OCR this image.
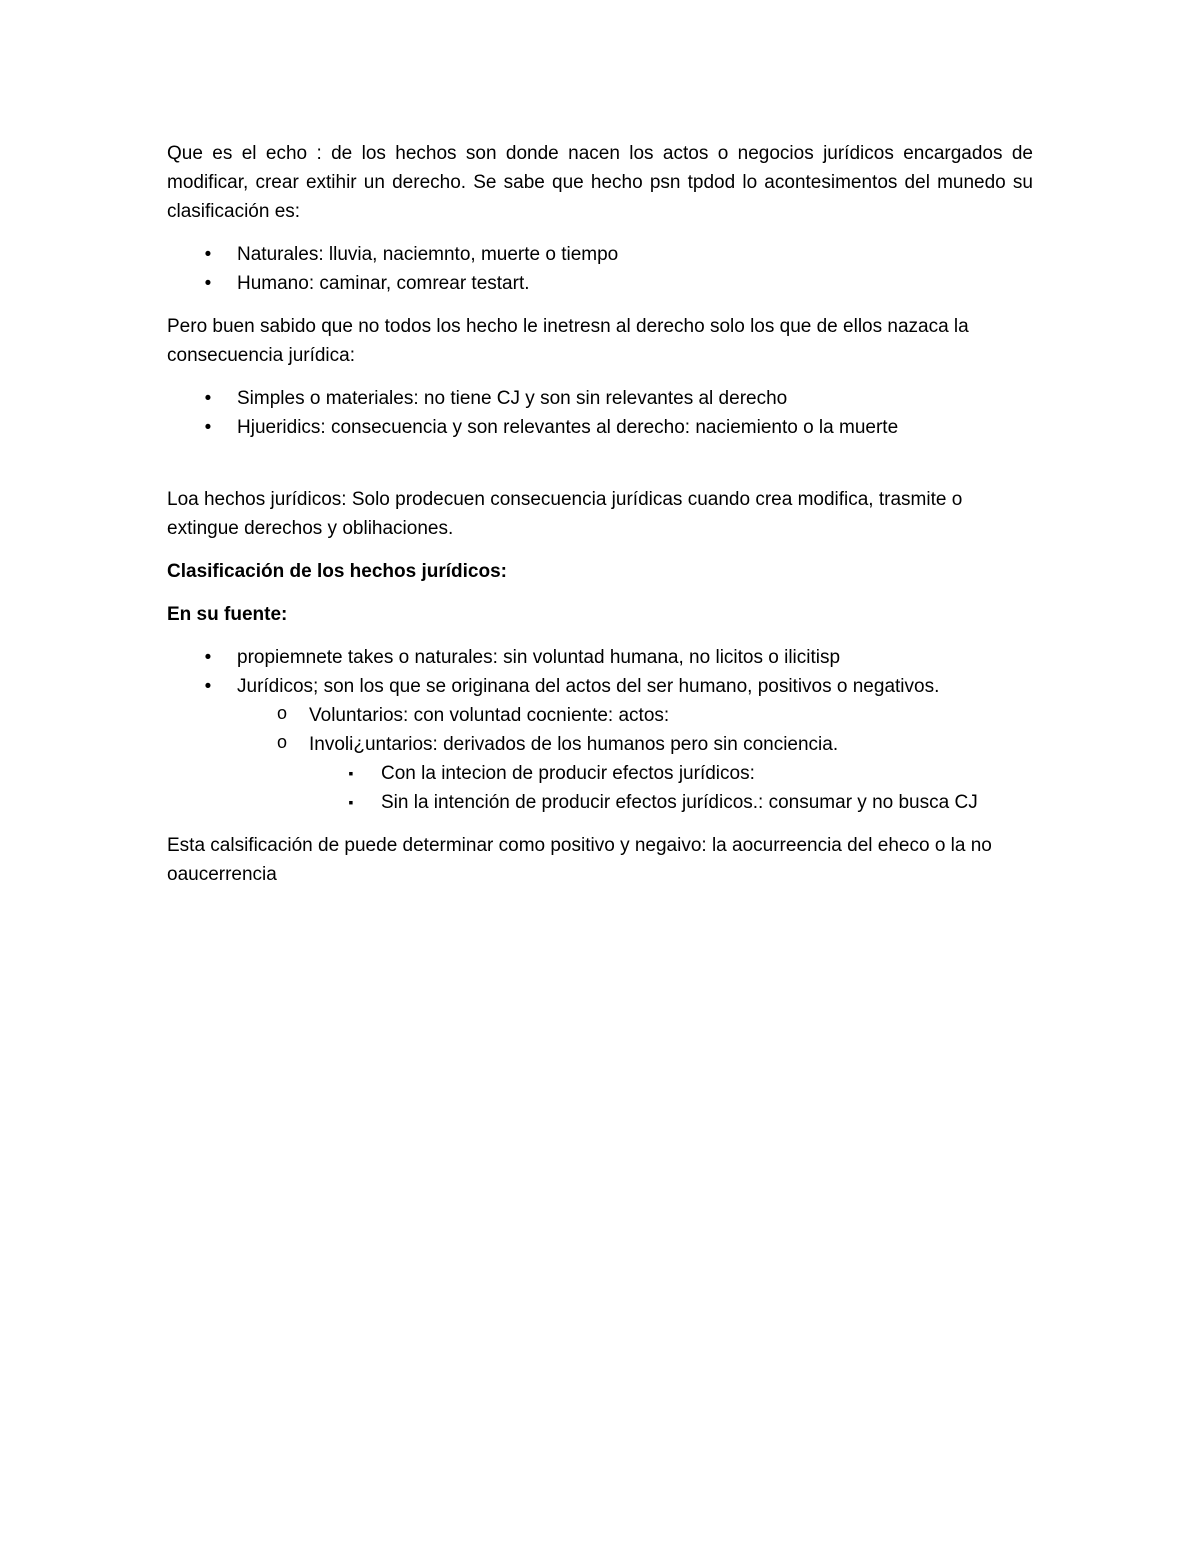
Que es el echo : de los hechos son donde nacen los actos o negocios jurídicos encargados de modificar, crear extihir un derecho. Se sabe que hecho psn tpdod lo acontesimentos del munedo su clasificación es:

•	Naturales: lluvia, naciemnto, muerte o tiempo
•	Humano: caminar, comrear testart.

Pero buen sabido que no todos los hecho le inetresn al derecho solo los que de ellos nazaca la consecuencia jurídica:

•	Simples o materiales: no tiene CJ y son sin relevantes al derecho
•	Hjueridics: consecuencia y son relevantes al derecho: naciemiento o la muerte

Loa hechos jurídicos: Solo prodecuen consecuencia jurídicas cuando crea modifica, trasmite o extingue derechos y oblihaciones.

Clasificación de los hechos jurídicos:

En su fuente:

•	propiemnete takes o naturales: sin voluntad humana, no licitos o ilicitisp
•	Jurídicos; son los que se originana del actos del ser humano, positivos o negativos.
o Voluntarios: con voluntad cocniente: actos:
o Involi¿untarios: derivados de los humanos pero sin conciencia.
▪	Con la intecion de producir efectos jurídicos:
▪	Sin la intención de producir efectos jurídicos.: consumar y no busca CJ

Esta calsificación de puede determinar como positivo y negaivo: la aocurreencia del eheco o la no oaucerrencia
